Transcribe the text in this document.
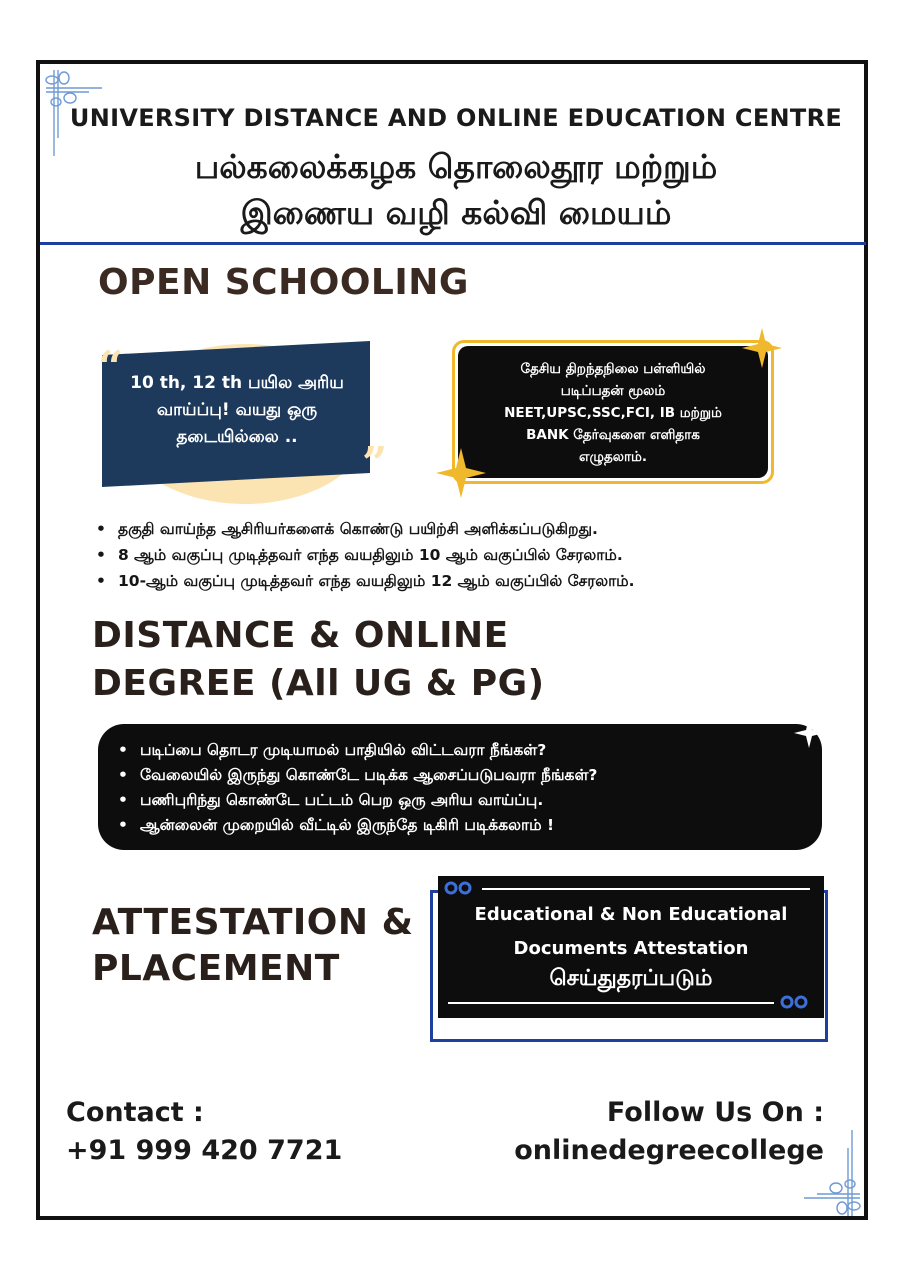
UNIVERSITY DISTANCE AND ONLINE EDUCATION CENTRE
பல்கலைக்கழக தொலைதூர மற்றும்
இணைய வழி கல்வி மையம்
OPEN SCHOOLING
“
”
10 th, 12 th பயில அரிய
வாய்ப்பு! வயது ஒரு
தடையில்லை ..
தேசிய திறந்தநிலை பள்ளியில்
படிப்பதன் மூலம்
NEET,UPSC,SSC,FCI, IB மற்றும்
BANK தேர்வுகளை எளிதாக
எழுதலாம்.
• தகுதி வாய்ந்த ஆசிரியர்களைக் கொண்டு பயிற்சி அளிக்கப்படுகிறது.
• 8 ஆம் வகுப்பு முடித்தவர் எந்த வயதிலும் 10 ஆம் வகுப்பில் சேரலாம்.
• 10-ஆம் வகுப்பு முடித்தவர் எந்த வயதிலும் 12 ஆம் வகுப்பில் சேரலாம்.
DISTANCE & ONLINE
DEGREE (All UG & PG)
• படிப்பை தொடர முடியாமல் பாதியில் விட்டவரா நீங்கள்?
• வேலையில் இருந்து கொண்டே படிக்க ஆசைப்படுபவரா நீங்கள்?
• பணிபுரிந்து கொண்டே பட்டம் பெற ஒரு அரிய வாய்ப்பு.
• ஆன்லைன் முறையில் வீட்டில் இருந்தே டிகிரி படிக்கலாம் !
ATTESTATION &
PLACEMENT
Educational & Non Educational
Documents Attestation
செய்துதரப்படும்
Contact :
+91 999 420 7721
Follow Us On :
onlinedegreecollege
